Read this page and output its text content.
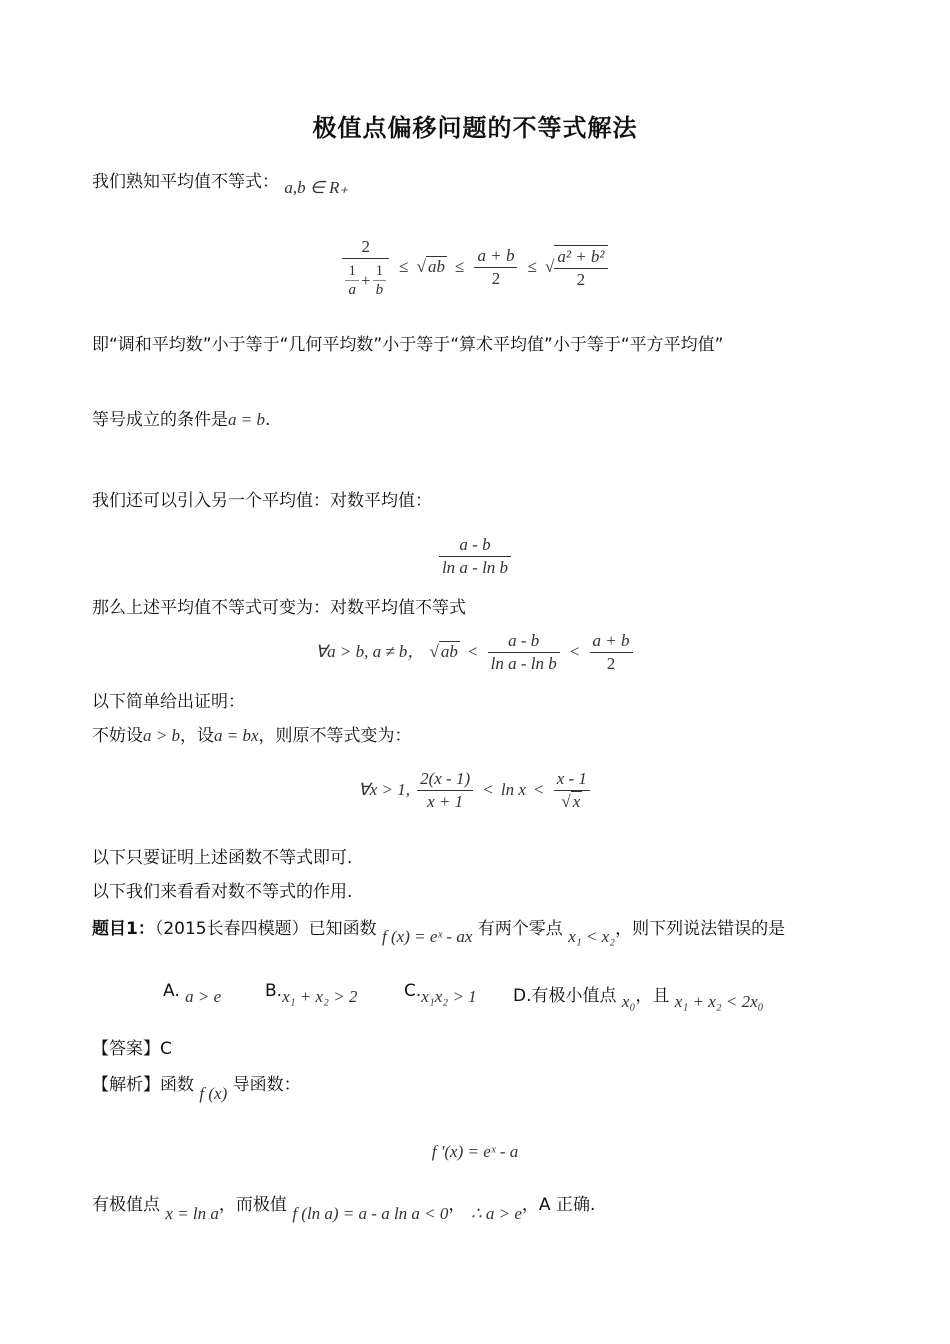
极值点偏移问题的不等式解法
我们熟知平均值不等式： a,b ∈ R₊
2
$\frac{1}{a} + \frac{1}{b}$ ≤ √ ab ≤ $\frac{a + b}{2}$ ≤ √ $\frac{\text{a² + b²}}{2}$
即“调和平均数”小于等于“几何平均数”小于等于“算术平均值”小于等于“平方平均值”
等号成立的条件是a = b.
我们还可以引入另一个平均值：对数平均值：
$\frac{a - b}{\text{ln a - ln b}}$
那么上述平均值不等式可变为：对数平均值不等式
∀a > b, a ≠ b， √ ab < $\frac{a - b}{\text{ln a - ln b}} < \frac{a + b}{2}$
以下简单给出证明：
不妨设a > b，设a = bx，则原不等式变为：
∀x > 1, $\frac{2(x - 1)}{x + 1} < \ln x < \frac{x - 1}{√ x}$
以下只要证明上述函数不等式即可.
以下我们来看看对数不等式的作用.
题目1：（2015长春四模题）已知函数 f (x) = eˣ - ax 有两个零点 x₁ < x₂，则下列说法错误的是
A. a > e	B.x₁ + x₂ > 2	C.x₁x₂ > 1 D.有极小值点 x₀，且 x₁ + x₂ < 2x₀
【答案】C
【解析】函数 f (x) 导函数：
f '(x) = eˣ - a
有极值点 x = ln a，而极值 f (ln a) = a - a ln a < 0， ∴ a > e，A 正确.
